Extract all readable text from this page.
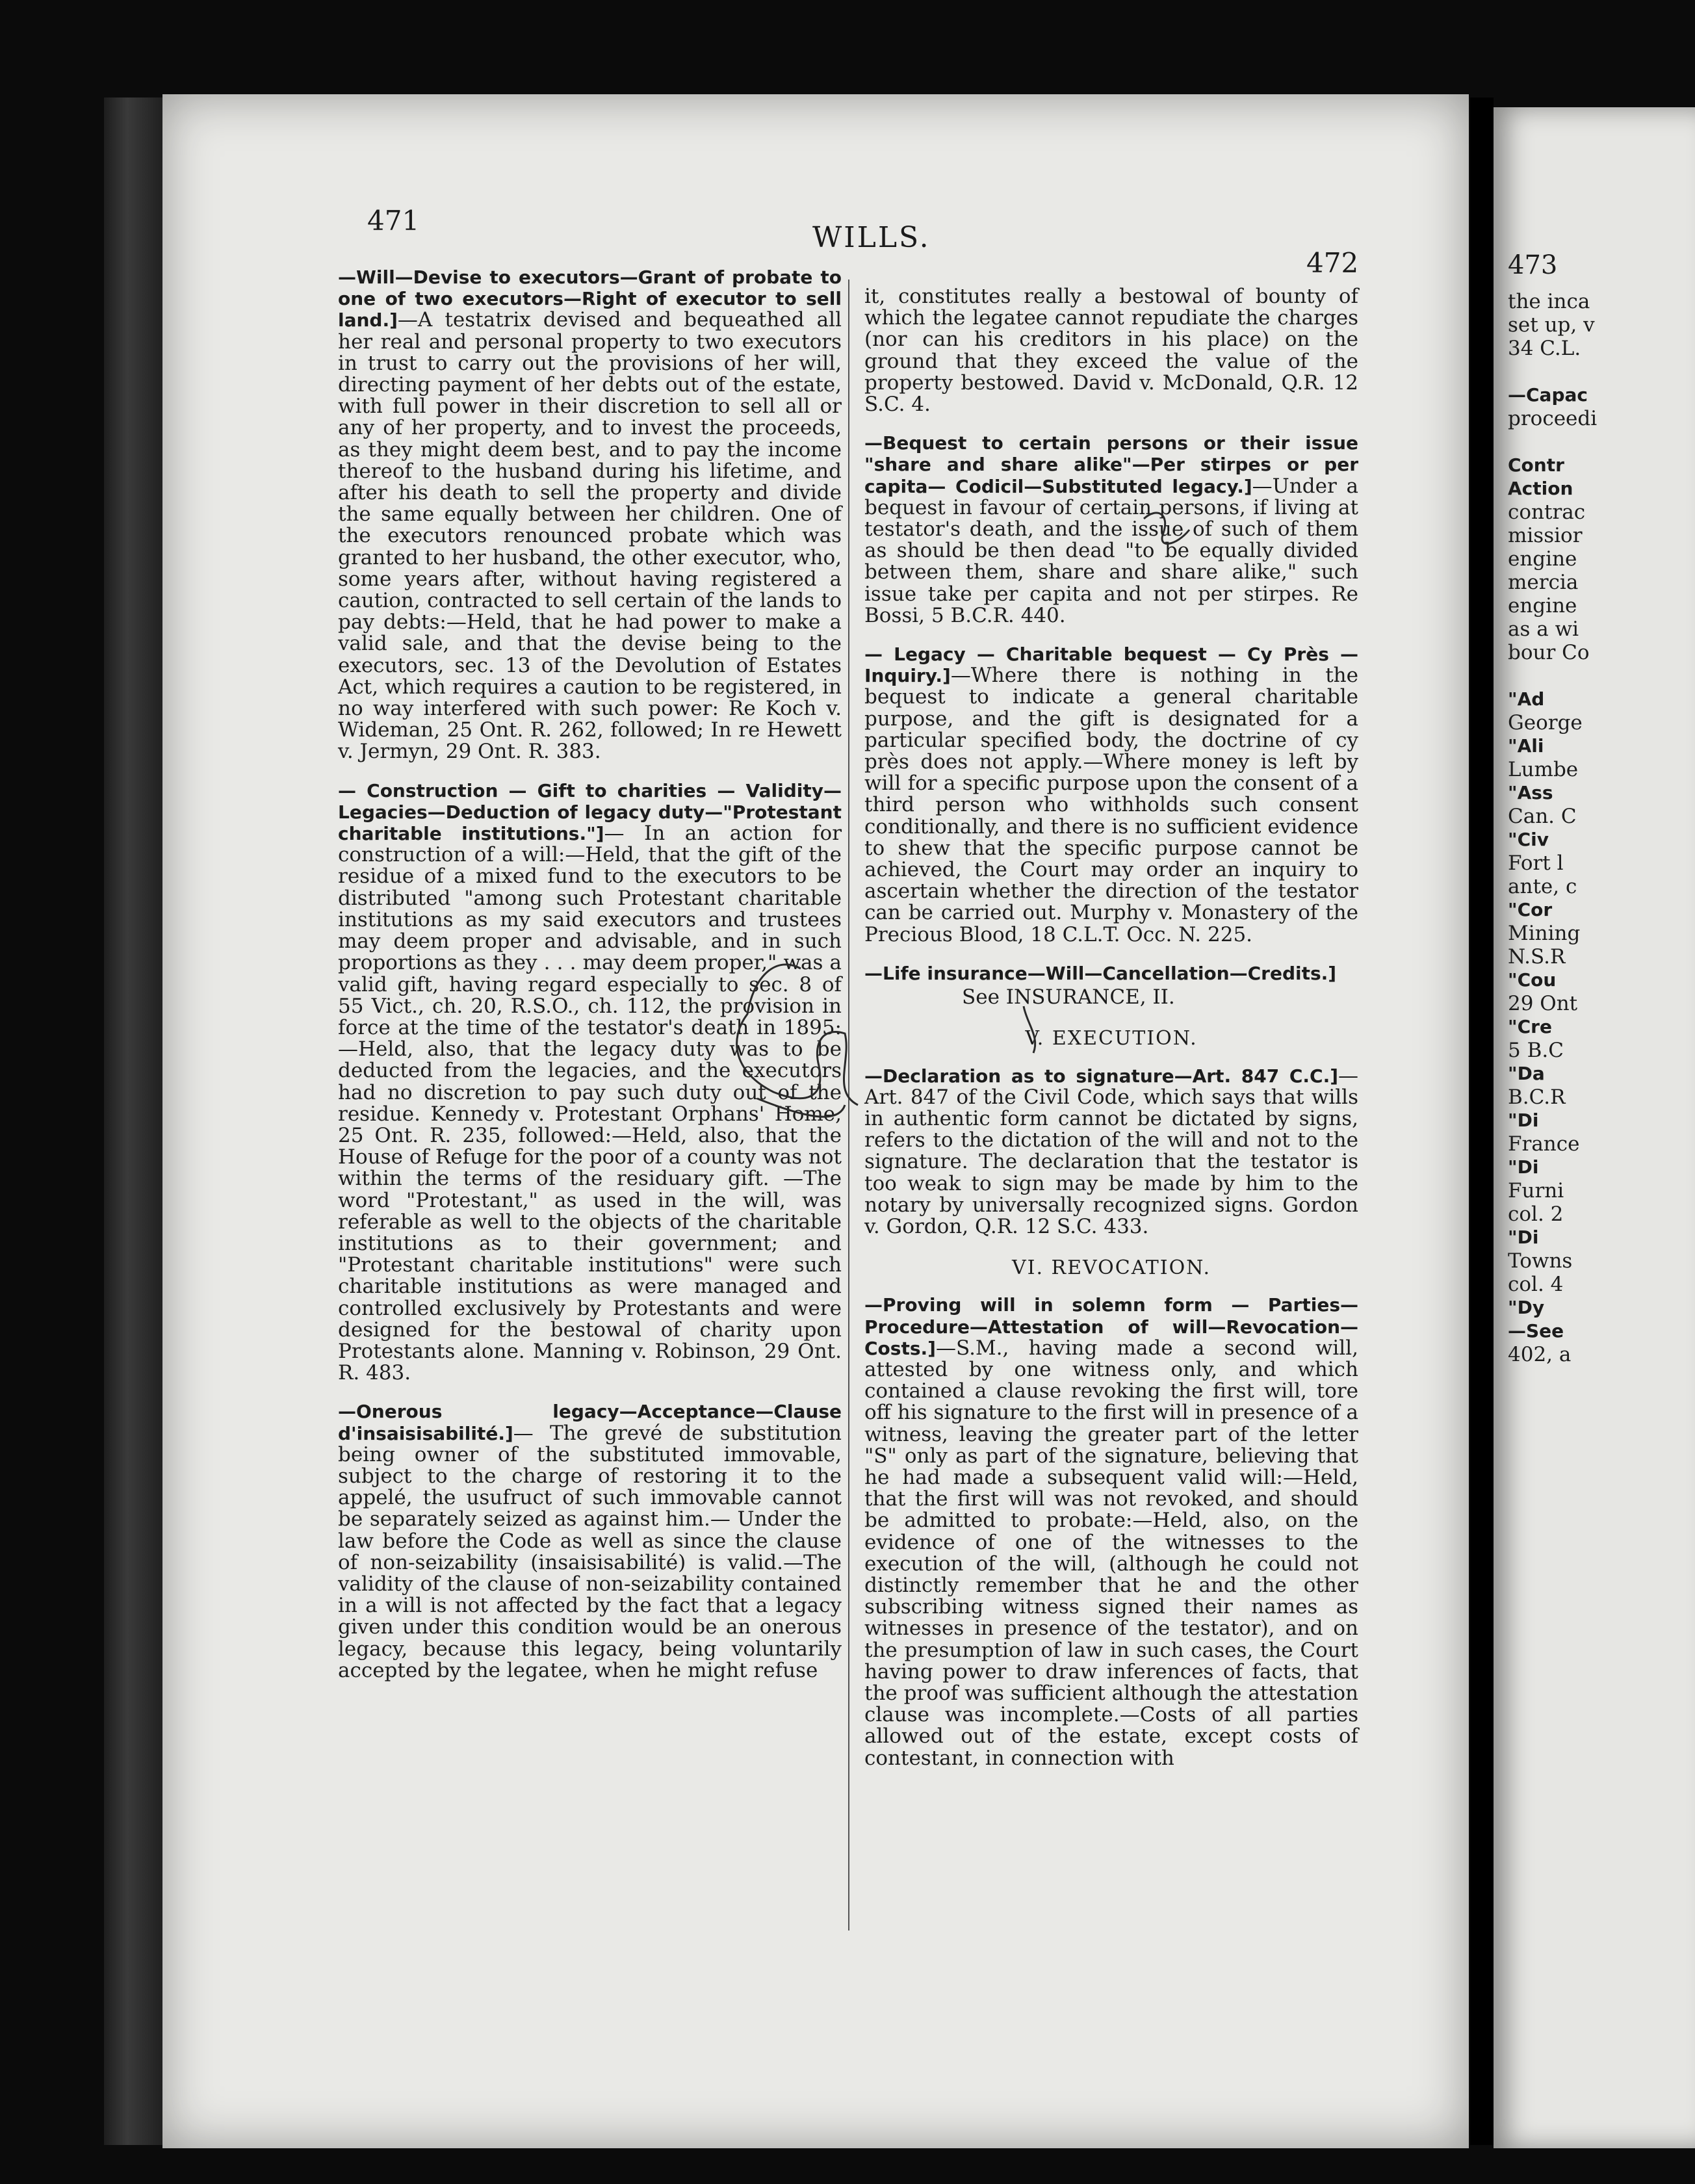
471
WILLS.
472

—Will—Devise to executors—Grant of probate to one of two executors—Right of executor to sell land.]—A testatrix devised and bequeathed all her real and personal property to two executors in trust to carry out the provisions of her will, directing payment of her debts out of the estate, with full power in their discretion to sell all or any of her property, and to invest the proceeds, as they might deem best, and to pay the income thereof to the husband during his lifetime, and after his death to sell the property and divide the same equally between her children. One of the executors renounced probate which was granted to her husband, the other executor, who, some years after, without having registered a caution, contracted to sell certain of the lands to pay debts:—Held, that he had power to make a valid sale, and that the devise being to the executors, sec. 13 of the Devolution of Estates Act, which requires a caution to be registered, in no way interfered with such power: Re Koch v. Wideman, 25 Ont. R. 262, followed; In re Hewett v. Jermyn, 29 Ont. R. 383.

— Construction — Gift to charities — Validity— Legacies—Deduction of legacy duty—"Protestant charitable institutions."]— In an action for construction of a will:—Held, that the gift of the residue of a mixed fund to the executors to be distributed "among such Protestant charitable institutions as my said executors and trustees may deem proper and advisable, and in such proportions as they . . . may deem proper," was a valid gift, having regard especially to sec. 8 of 55 Vict., ch. 20, R.S.O., ch. 112, the provision in force at the time of the testator's death in 1895:—Held, also, that the legacy duty was to be deducted from the legacies, and the executors had no discretion to pay such duty out of the residue. Kennedy v. Protestant Orphans' Home, 25 Ont. R. 235, followed:—Held, also, that the House of Refuge for the poor of a county was not within the terms of the residuary gift. —The word "Protestant," as used in the will, was referable as well to the objects of the charitable institutions as to their government; and "Protestant charitable institutions" were such charitable institutions as were managed and controlled exclusively by Protestants and were designed for the bestowal of charity upon Protestants alone. Manning v. Robinson, 29 Ont. R. 483.

—Onerous legacy—Acceptance—Clause d'insaisisabilité.]— The grevé de substitution being owner of the substituted immovable, subject to the charge of restoring it to the appelé, the usufruct of such immovable cannot be separately seized as against him.— Under the law before the Code as well as since the clause of non-seizability (insaisisabilité) is valid.—The validity of the clause of non-seizability contained in a will is not affected by the fact that a legacy given under this condition would be an onerous legacy, because this legacy, being voluntarily accepted by the legatee, when he might refuse

it, constitutes really a bestowal of bounty of which the legatee cannot repudiate the charges (nor can his creditors in his place) on the ground that they exceed the value of the property bestowed. David v. McDonald, Q.R. 12 S.C. 4.

—Bequest to certain persons or their issue "share and share alike"—Per stirpes or per capita— Codicil—Substituted legacy.]—Under a bequest in favour of certain persons, if living at testator's death, and the issue of such of them as should be then dead "to be equally divided between them, share and share alike," such issue take per capita and not per stirpes. Re Bossi, 5 B.C.R. 440.

— Legacy — Charitable bequest — Cy Près — Inquiry.]—Where there is nothing in the bequest to indicate a general charitable purpose, and the gift is designated for a particular specified body, the doctrine of cy près does not apply.—Where money is left by will for a specific purpose upon the consent of a third person who withholds such consent conditionally, and there is no sufficient evidence to shew that the specific purpose cannot be achieved, the Court may order an inquiry to ascertain whether the direction of the testator can be carried out. Murphy v. Monastery of the Precious Blood, 18 C.L.T. Occ. N. 225.

—Life insurance—Will—Cancellation—Credits.]

See INSURANCE, II.
V. EXECUTION.

—Declaration as to signature—Art. 847 C.C.]— Art. 847 of the Civil Code, which says that wills in authentic form cannot be dictated by signs, refers to the dictation of the will and not to the signature. The declaration that the testator is too weak to sign may be made by him to the notary by universally recognized signs. Gordon v. Gordon, Q.R. 12 S.C. 433.

VI. REVOCATION.

—Proving will in solemn form — Parties—Procedure—Attestation of will—Revocation—Costs.]—S.M., having made a second will, attested by one witness only, and which contained a clause revoking the first will, tore off his signature to the first will in presence of a witness, leaving the greater part of the letter "S" only as part of the signature, believing that he had made a subsequent valid will:—Held, that the first will was not revoked, and should be admitted to probate:—Held, also, on the evidence of one of the witnesses to the execution of the will, (although he could not distinctly remember that he and the other subscribing witness signed their names as witnesses in presence of the testator), and on the presumption of law in such cases, the Court having power to draw inferences of facts, that the proof was sufficient although the attestation clause was incomplete.—Costs of all parties allowed out of the estate, except costs of contestant, in connection with

473
the inca
set up, v
34 C.L.

—Capac
proceedi

Contr
Action
contrac
missior
engine
mercia
engine
as a wi
bour Co

"Ad
George
"Ali
Lumbe
"Ass
Can. C
"Civ
Fort l
ante, c
"Cor
Mining
N.S.R
"Cou
29 Ont
"Cre
5 B.C
"Da
B.C.R
"Di
France
"Di
Furni
col. 2
"Di
Towns
col. 4
"Dy
—See
402, a
